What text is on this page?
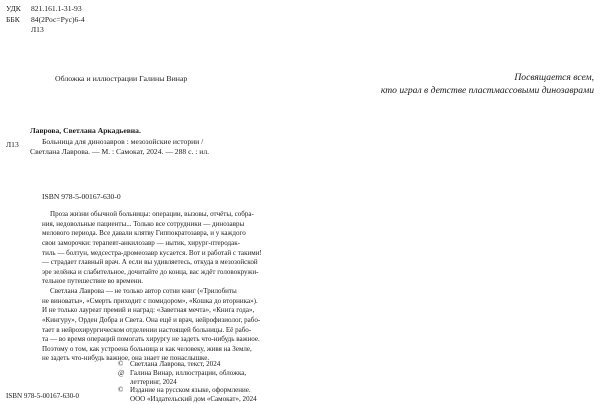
УДК	821.161.1-31-93
ББК	84(2Рос=Рус)6-4
Л13
Обложка и иллюстрации Галины Винар	Посвящается всем,
кто играл в детстве пластмассовыми динозаврами
Л13
Лаврова, Светлана Аркадьевна.
Больница для динозавров : мезозойские истории /
Светлана Лаврова. — М. : Самокат, 2024. — 288 с. : ил.
ISBN 978-5-00167-630-0
Проза жизни обычной больницы: операции, вызовы, отчёты, собра-
ния, недовольные пациенты... Только все сотрудники — динозавры
мелового периода. Все давали клятву Гиппократозавра, и у каждого
свои заморочки: терапевт-анкилозавр — нытик, хирург-птеродак-
тиль — болтун, медсестра-дромеозавр кусается. Вот и работай с такими!
— страдает главный врач. А если вы удивляетесь, откуда в мезозойской
эре зелёнка и слабительное, дочитайте до конца, вас ждёт головокружи-
тельное путешествие во времени.
Светлана Лаврова — не только автор сотни книг («Трилобиты
не виноваты», «Смерть приходит с помидором», «Кошка до вторника»).
И не только лауреат премий и наград: «Заветная мечта», «Книга года»,
«Кингуру», Орден Добра и Света. Она ещё и врач, нейрофизиолог, рабо-
тает в нейрохирургическом отделении настоящей больницы. Её рабо-
та — во время операций помогать хирургу не задеть что-нибудь важное.
Поэтому о том, как устроена больница и как человеку, живя на Земле,
не задеть что-нибудь важное, она знает не понаслышке.
© Светлана Лаврова, текст, 2024
@ Галина Винар, иллюстрации, обложка,
леттеринг, 2024
© Издание на русском языке, оформление.
ООО «Издательский дом «Самокат», 2024
ISBN 978-5-00167-630-0
